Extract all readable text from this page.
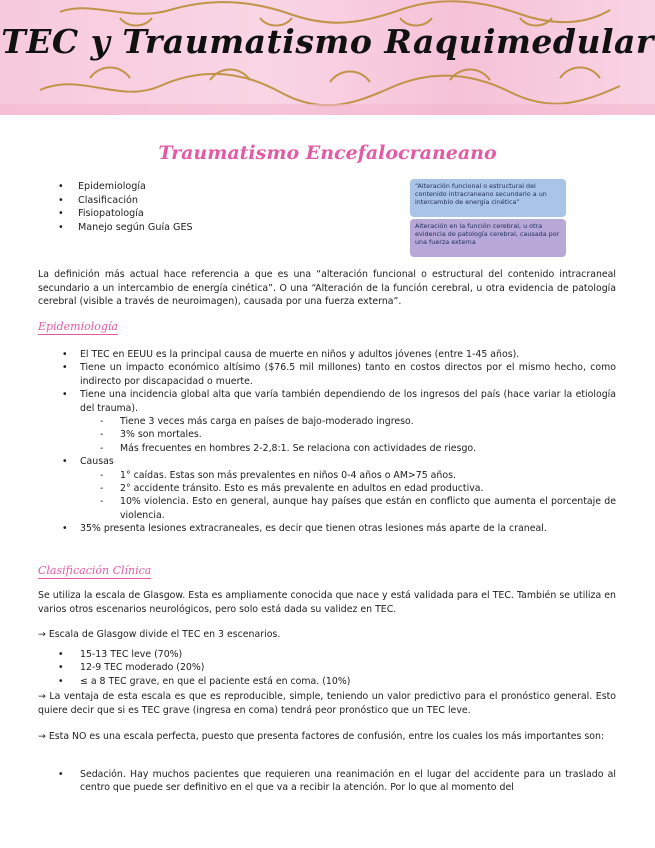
TEC y Traumatismo Raquimedular
Traumatismo Encefalocraneano
• Epidemiología
• Clasificación
• Fisiopatología
• Manejo según Guía GES
“Alteración funcional o estructural del contenido intracraneano secundario a un intercambio de energía cinética”
Alteración en la función cerebral, u otra evidencia de patología cerebral, causada por una fuerza externa

La definición más actual hace referencia a que es una “alteración funcional o estructural del contenido intracraneal secundario a un intercambio de energía cinética”. O una “Alteración de la función cerebral, u otra evidencia de patología cerebral (visible a través de neuroimagen), causada por una fuerza externa”.

Epidemiología
• El TEC en EEUU es la principal causa de muerte en niños y adultos jóvenes (entre 1-45 años).
• Tiene un impacto económico altísimo ($76.5 mil millones) tanto en costos directos por el mismo hecho, como indirecto por discapacidad o muerte.
• Tiene una incidencia global alta que varía también dependiendo de los ingresos del país (hace variar la etiología del trauma).
- Tiene 3 veces más carga en países de bajo-moderado ingreso.
- 3% son mortales.
- Más frecuentes en hombres 2-2,8:1. Se relaciona con actividades de riesgo.
• Causas
- 1° caídas. Estas son más prevalentes en niños 0-4 años o AM>75 años.
- 2° accidente tránsito. Esto es más prevalente en adultos en edad productiva.
- 10% violencia. Esto en general, aunque hay países que están en conflicto que aumenta el porcentaje de violencia.
• 35% presenta lesiones extracraneales, es decir que tienen otras lesiones más aparte de la craneal.
Clasificación Clínica

Se utiliza la escala de Glasgow. Esta es ampliamente conocida que nace y está validada para el TEC. También se utiliza en varios otros escenarios neurológicos, pero solo está dada su validez en TEC.

→ Escala de Glasgow divide el TEC en 3 escenarios.

• 15-13 TEC leve (70%)
• 12-9 TEC moderado (20%)
• ≤ a 8 TEC grave, en que el paciente está en coma. (10%)

→ La ventaja de esta escala es que es reproducible, simple, teniendo un valor predictivo para el pronóstico general. Esto quiere decir que si es TEC grave (ingresa en coma) tendrá peor pronóstico que un TEC leve.

→ Esta NO es una escala perfecta, puesto que presenta factores de confusión, entre los cuales los más importantes son:

• Sedación. Hay muchos pacientes que requieren una reanimación en el lugar del accidente para un traslado al centro que puede ser definitivo en el que va a recibir la atención. Por lo que al momento del
